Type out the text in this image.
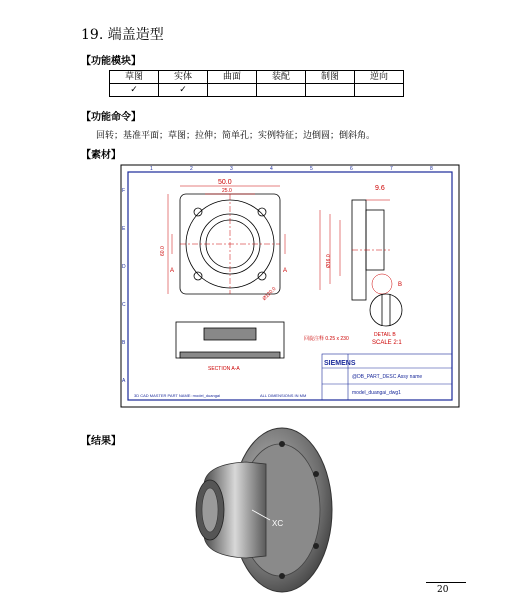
19. 端盖造型
【功能模块】
草图	实体	曲面	装配	制图	逆向
✓	✓				
【功能命令】
回转；基准平面；草图；拉伸；简单孔；实例特征；边倒圆；倒斜角。
【素材】
1	2	3	4	5	6	7	8
F
E
D
C
B
A
50.0
25.0
60.0
Ø120.0
A	A
9.6
Ø16.0
B
SECTION A-A
回旋注释 0.25 x 230
DETAIL B
SCALE 2:1
SIEMENS
@DB_PART_DESC Assy name
model_duangai_dwg1
3D CAD MASTER PART NAME: model_duangai	ALL DIMENSIONS IN MM
【结果】
XC
20
